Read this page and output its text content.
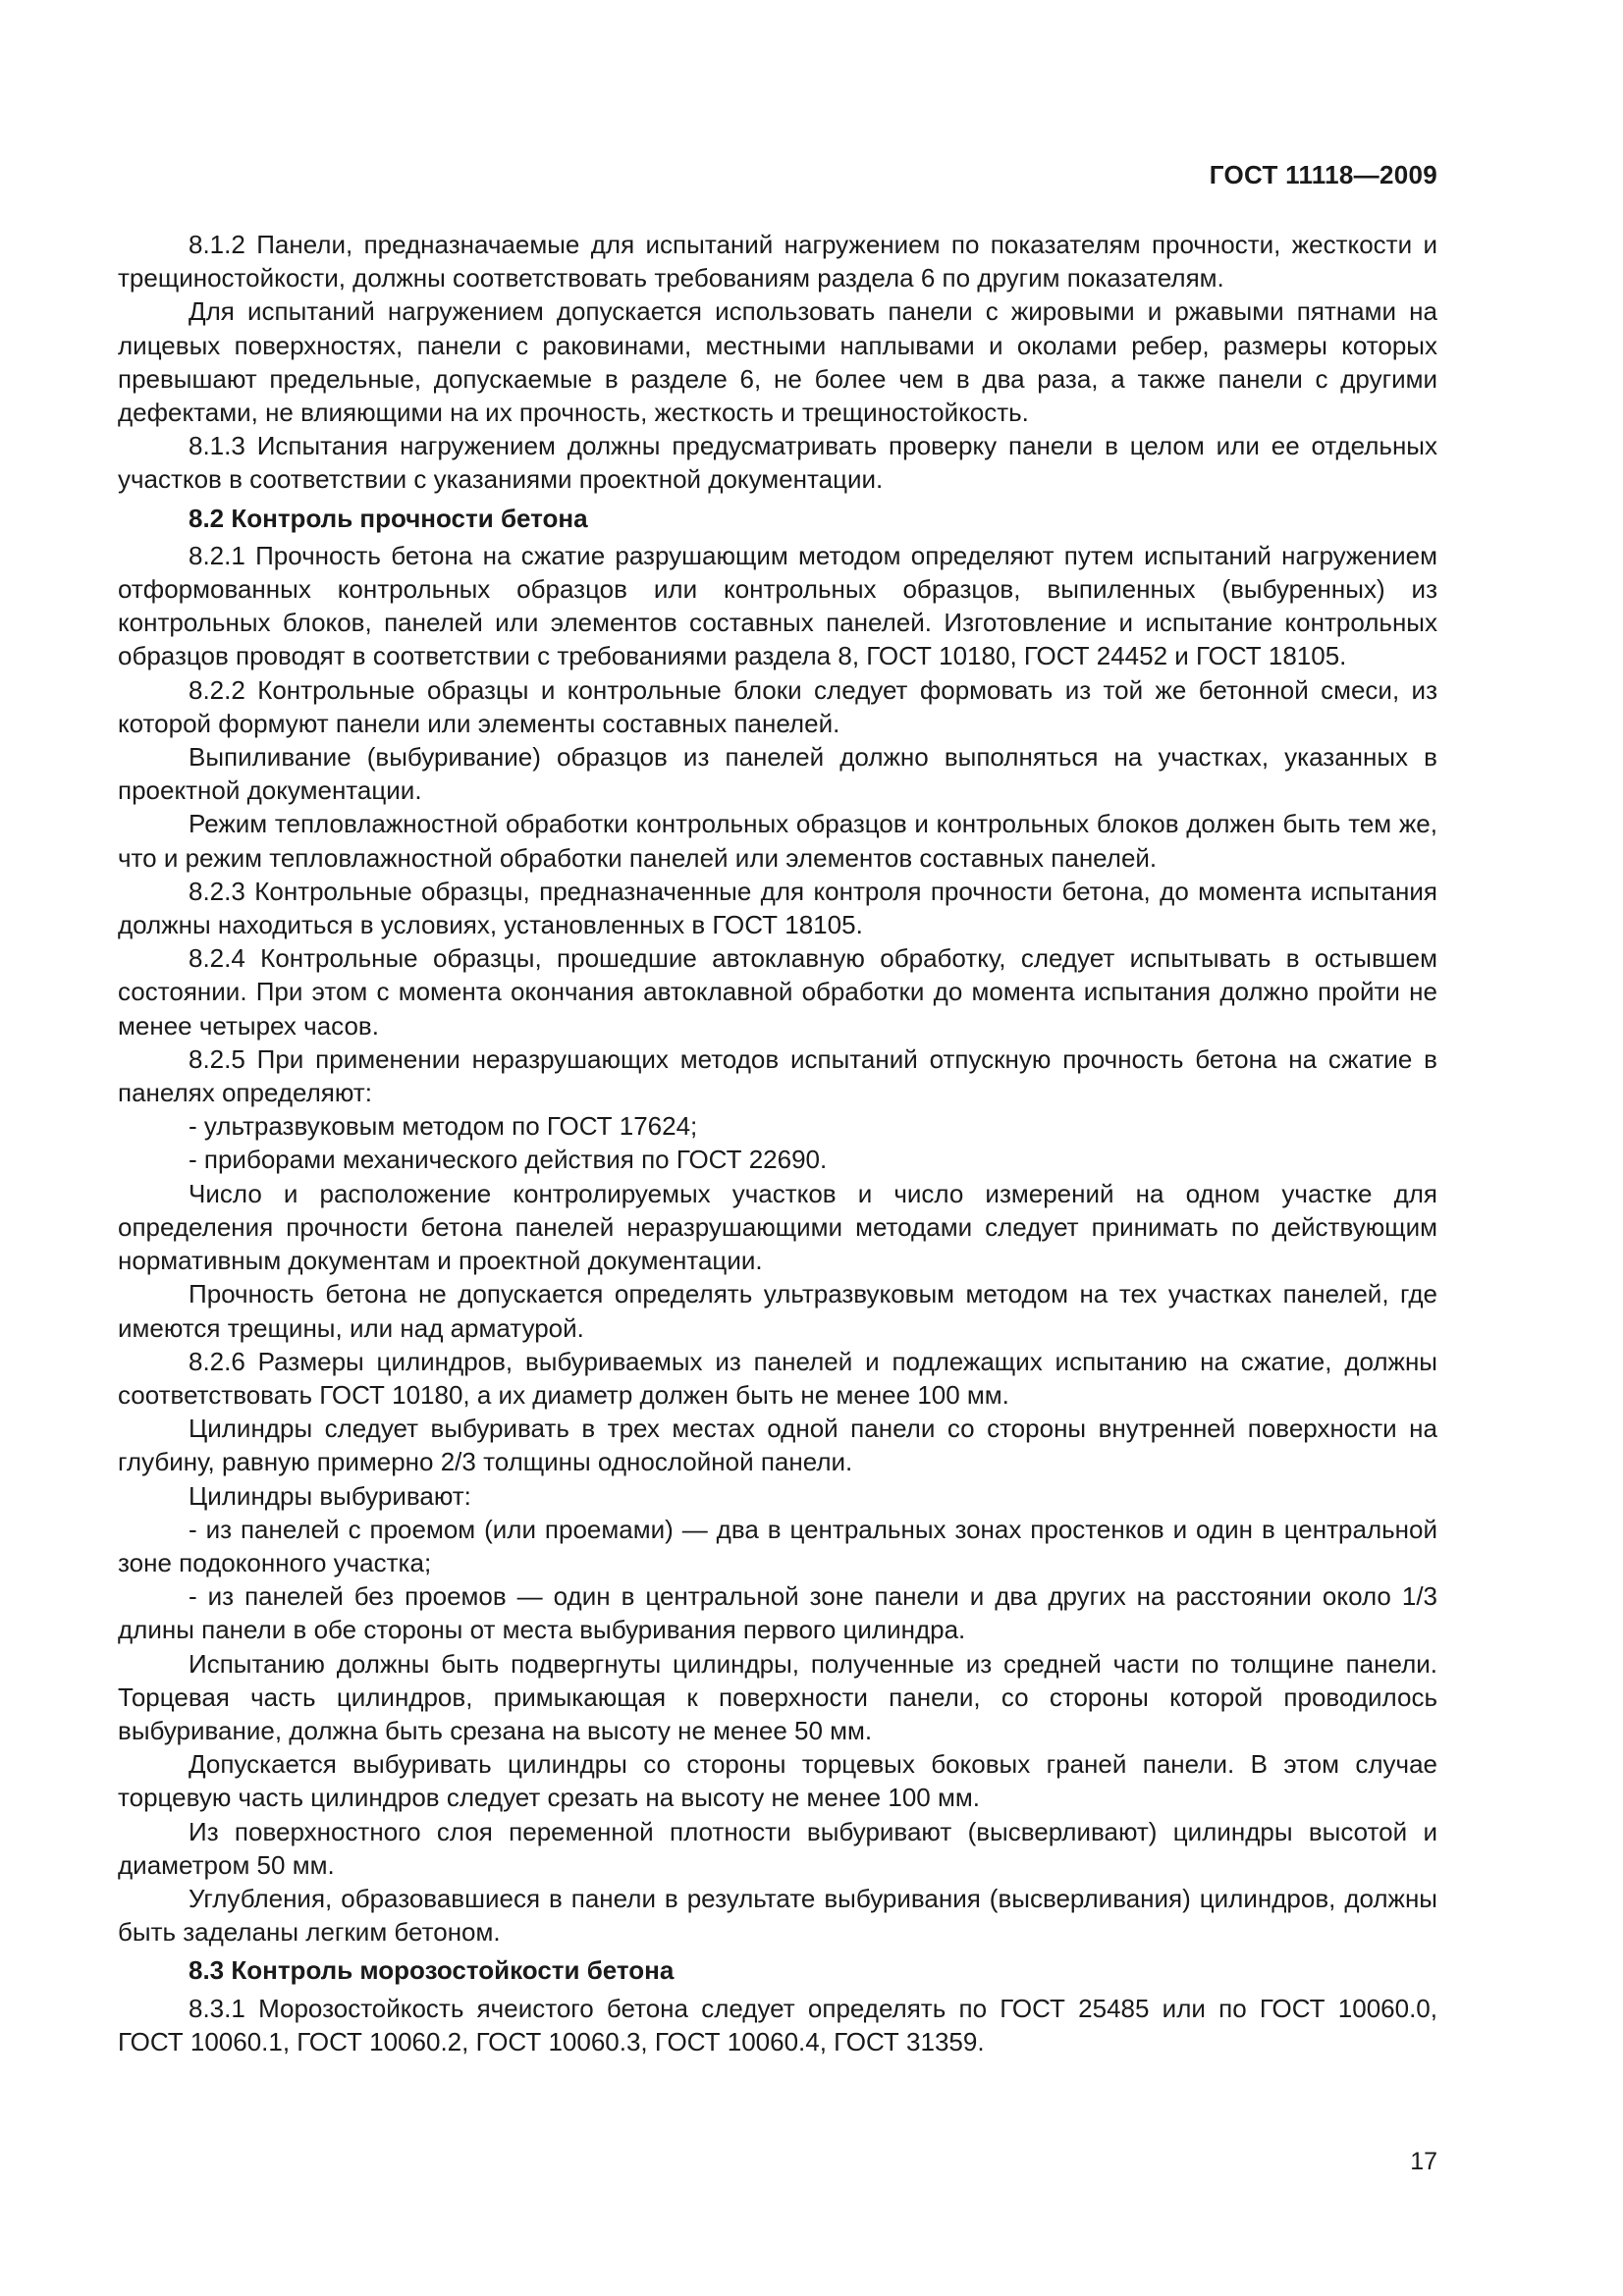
ГОСТ 11118—2009

8.1.2 Панели, предназначаемые для испытаний нагружением по показателям прочности, жесткости и трещиностойкости, должны соответствовать требованиям раздела 6 по другим показателям.

Для испытаний нагружением допускается использовать панели с жировыми и ржавыми пятнами на лицевых поверхностях, панели с раковинами, местными наплывами и околами ребер, размеры которых превышают предельные, допускаемые в разделе 6, не более чем в два раза, а также панели с другими дефектами, не влияющими на их прочность, жесткость и трещиностойкость.

8.1.3 Испытания нагружением должны предусматривать проверку панели в целом или ее отдельных участков в соответствии с указаниями проектной документации.

8.2 Контроль прочности бетона

8.2.1 Прочность бетона на сжатие разрушающим методом определяют путем испытаний нагружением отформованных контрольных образцов или контрольных образцов, выпиленных (выбуренных) из контрольных блоков, панелей или элементов составных панелей. Изготовление и испытание контрольных образцов проводят в соответствии с требованиями раздела 8, ГОСТ 10180, ГОСТ 24452 и ГОСТ 18105.

8.2.2 Контрольные образцы и контрольные блоки следует формовать из той же бетонной смеси, из которой формуют панели или элементы составных панелей.

Выпиливание (выбуривание) образцов из панелей должно выполняться на участках, указанных в проектной документации.

Режим тепловлажностной обработки контрольных образцов и контрольных блоков должен быть тем же, что и режим тепловлажностной обработки панелей или элементов составных панелей.

8.2.3 Контрольные образцы, предназначенные для контроля прочности бетона, до момента испытания должны находиться в условиях, установленных в ГОСТ 18105.

8.2.4 Контрольные образцы, прошедшие автоклавную обработку, следует испытывать в остывшем состоянии. При этом с момента окончания автоклавной обработки до момента испытания должно пройти не менее четырех часов.

8.2.5 При применении неразрушающих методов испытаний отпускную прочность бетона на сжатие в панелях определяют:

- ультразвуковым методом по ГОСТ 17624;

- приборами механического действия по ГОСТ 22690.

Число и расположение контролируемых участков и число измерений на одном участке для определения прочности бетона панелей неразрушающими методами следует принимать по действующим нормативным документам и проектной документации.

Прочность бетона не допускается определять ультразвуковым методом на тех участках панелей, где имеются трещины, или над арматурой.

8.2.6 Размеры цилиндров, выбуриваемых из панелей и подлежащих испытанию на сжатие, должны соответствовать ГОСТ 10180, а их диаметр должен быть не менее 100 мм.

Цилиндры следует выбуривать в трех местах одной панели со стороны внутренней поверхности на глубину, равную примерно 2/3 толщины однослойной панели.

Цилиндры выбуривают:

- из панелей с проемом (или проемами) — два в центральных зонах простенков и один в центральной зоне подоконного участка;

- из панелей без проемов — один в центральной зоне панели и два других на расстоянии около 1/3 длины панели в обе стороны от места выбуривания первого цилиндра.

Испытанию должны быть подвергнуты цилиндры, полученные из средней части по толщине панели. Торцевая часть цилиндров, примыкающая к поверхности панели, со стороны которой проводилось выбуривание, должна быть срезана на высоту не менее 50 мм.

Допускается выбуривать цилиндры со стороны торцевых боковых граней панели. В этом случае торцевую часть цилиндров следует срезать на высоту не менее 100 мм.

Из поверхностного слоя переменной плотности выбуривают (высверливают) цилиндры высотой и диаметром 50 мм.

Углубления, образовавшиеся в панели в результате выбуривания (высверливания) цилиндров, должны быть заделаны легким бетоном.

8.3 Контроль морозостойкости бетона

8.3.1 Морозостойкость ячеистого бетона следует определять по ГОСТ 25485 или по ГОСТ 10060.0, ГОСТ 10060.1, ГОСТ 10060.2, ГОСТ 10060.3, ГОСТ 10060.4, ГОСТ 31359.

17
